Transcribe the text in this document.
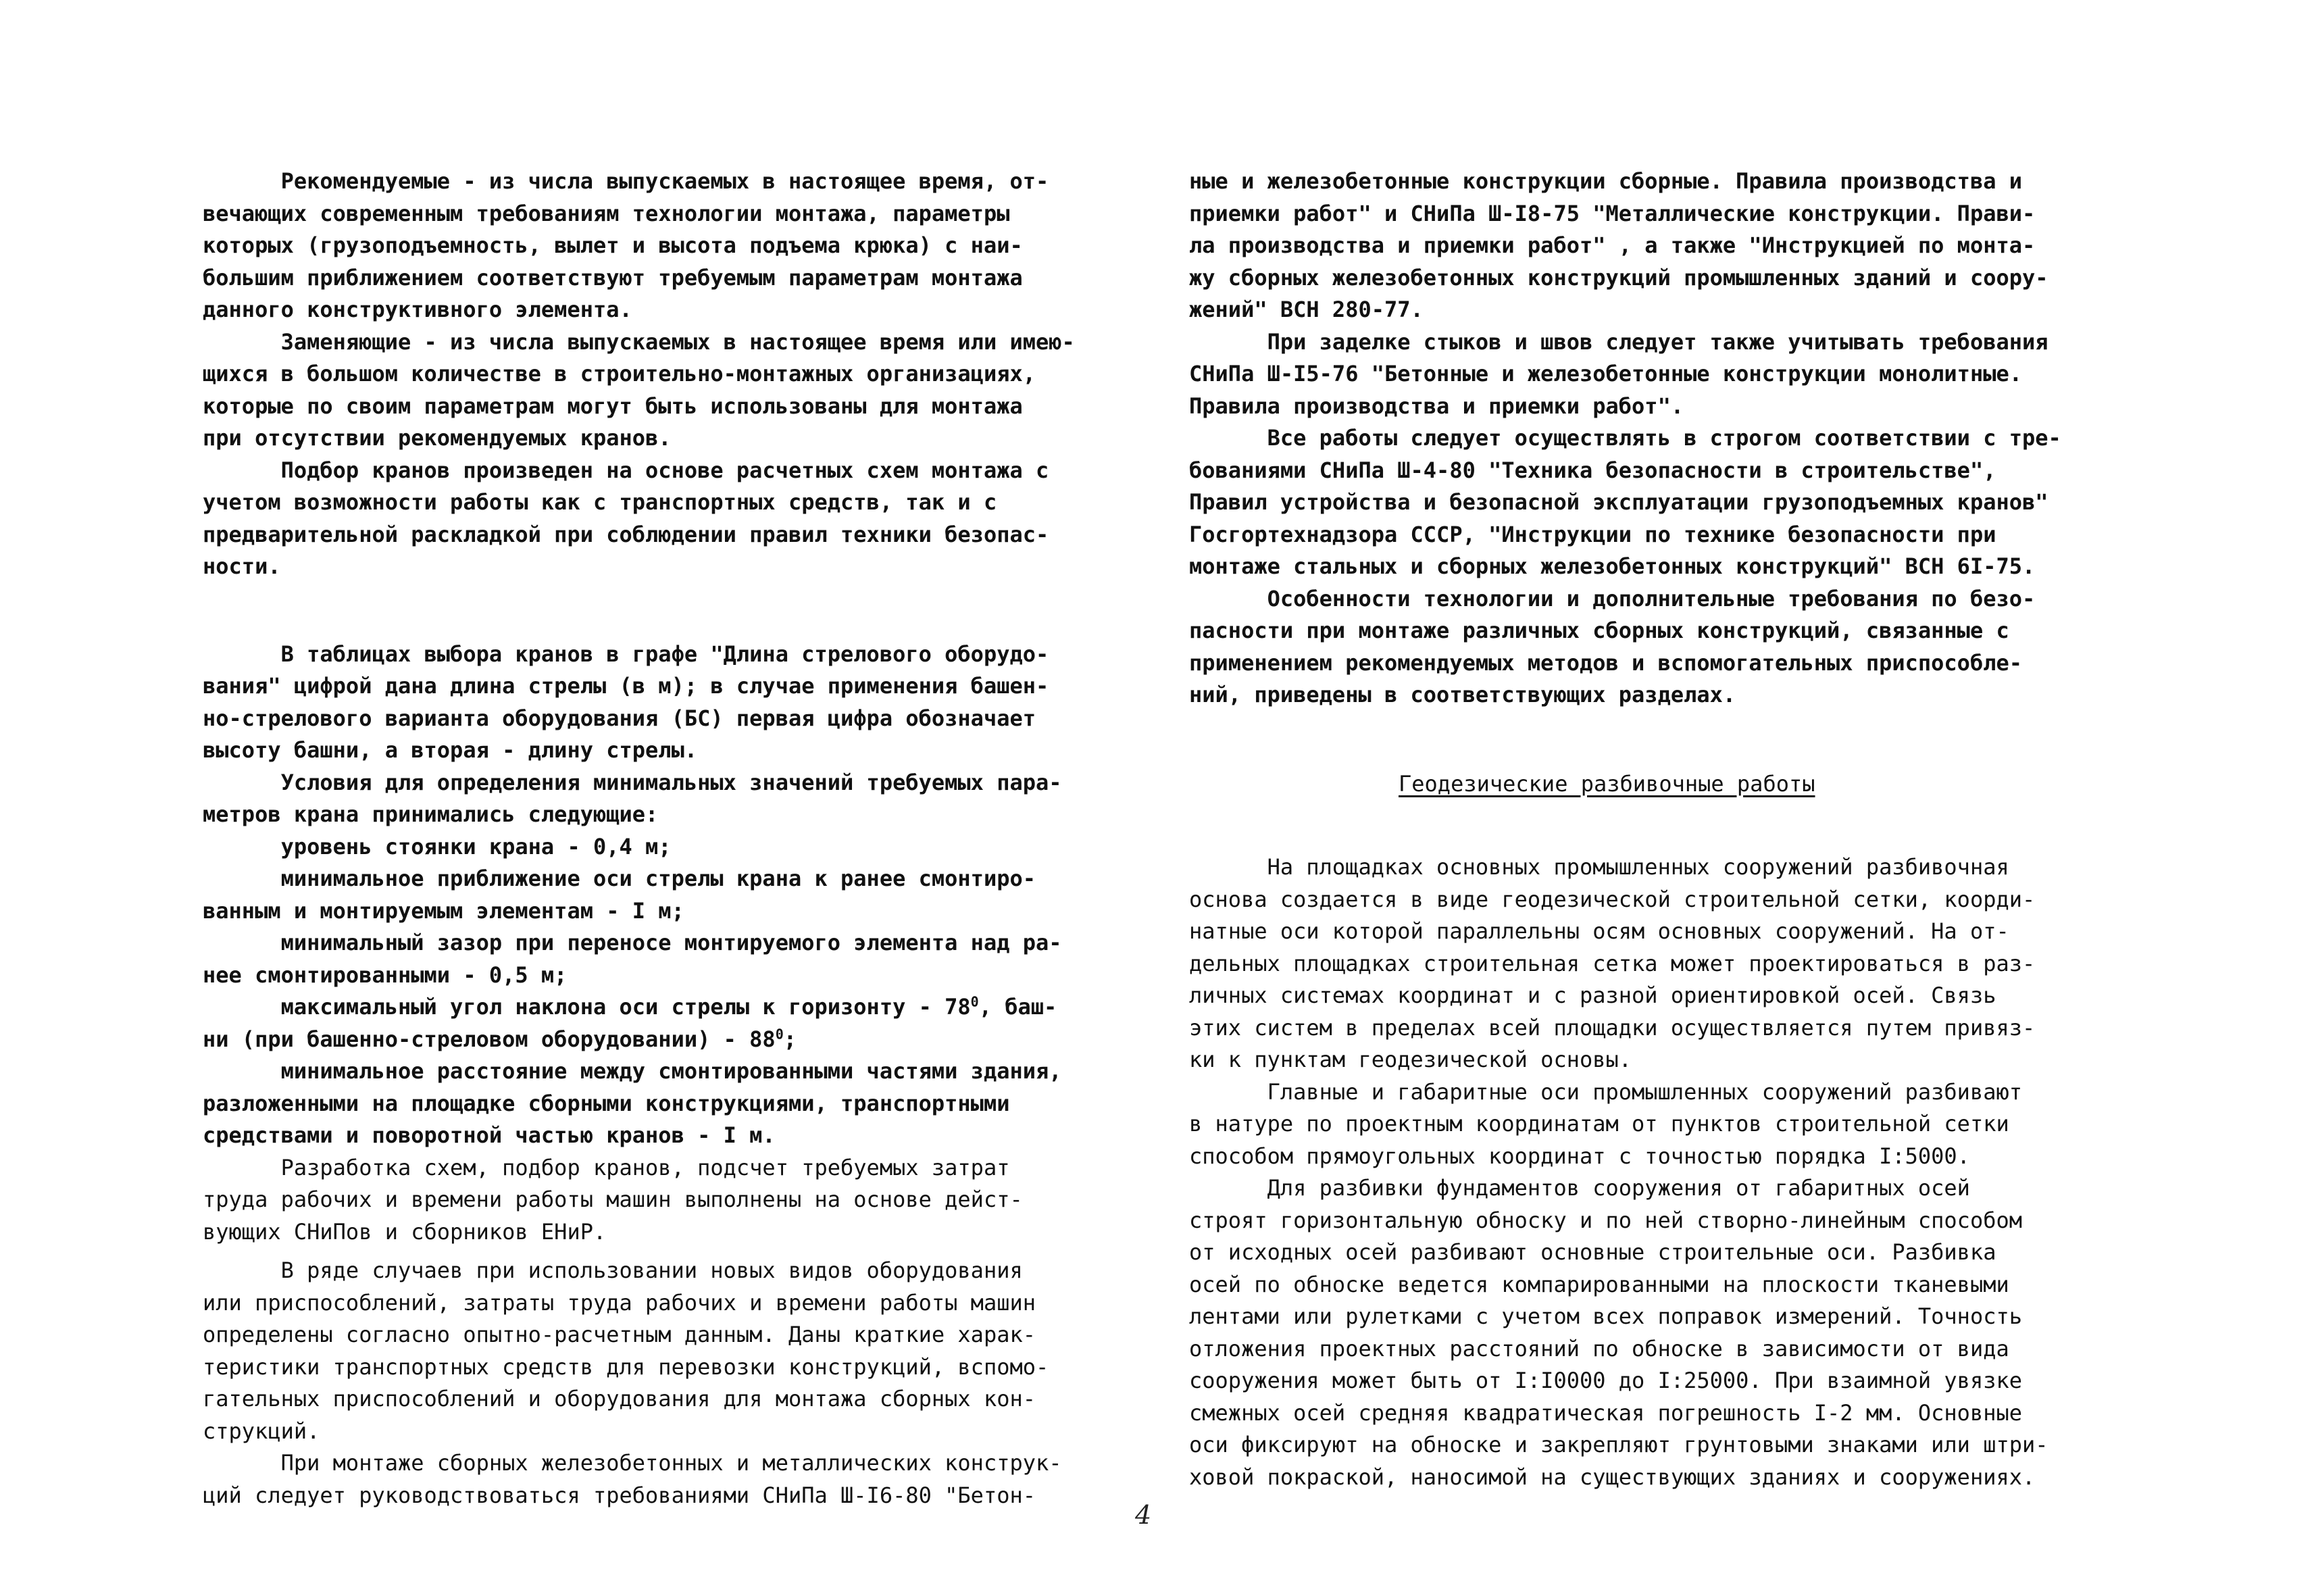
Рекомендуемые - из числа выпускаемых в настоящее время, от-
вечающих современным требованиям технологии монтажа, параметры
которых (грузоподъемность, вылет и высота подъема крюка) с наи-
большим приближением соответствуют требуемым параметрам монтажа
данного конструктивного элемента.
Заменяющие - из числа выпускаемых в настоящее время или имею-
щихся в большом количестве в строительно-монтажных организациях,
которые по своим параметрам могут быть использованы для монтажа
при отсутствии рекомендуемых кранов.
Подбор кранов произведен на основе расчетных схем монтажа с
учетом возможности работы как с транспортных средств, так и с
предварительной раскладкой при соблюдении правил техники безопас-
ности.
В таблицах выбора кранов в графе "Длина стрелового оборудо-
вания" цифрой дана длина стрелы (в м); в случае применения башен-
но-стрелового варианта оборудования (БС) первая цифра обозначает
высоту башни, а вторая - длину стрелы.
Условия для определения минимальных значений требуемых пара-
метров крана принимались следующие:
уровень стоянки крана - 0,4 м;
минимальное приближение оси стрелы крана к ранее смонтиро-
ванным и монтируемым элементам - I м;
минимальный зазор при переносе монтируемого элемента над ра-
нее смонтированными - 0,5 м;
максимальный угол наклона оси стрелы к горизонту - $78^0$, баш-
ни (при башенно-стреловом оборудовании) - $88^0$;
минимальное расстояние между смонтированными частями здания,
разложенными на площадке сборными конструкциями, транспортными
средствами и поворотной частью кранов - I м.
Разработка схем, подбор кранов, подсчет требуемых затрат
труда рабочих и времени работы машин выполнены на основе дейст-
вующих СНиПов и сборников ЕНиР.
В ряде случаев при использовании новых видов оборудования
или приспособлений, затраты труда рабочих и времени работы машин
определены согласно опытно-расчетным данным. Даны краткие харак-
теристики транспортных средств для перевозки конструкций, вспомо-
гательных приспособлений и оборудования для монтажа сборных кон-
струкций.
При монтаже сборных железобетонных и металлических конструк-
ций следует руководствоваться требованиями СНиПа Ш-I6-80 "Бетон-
ные и железобетонные конструкции сборные. Правила производства и
приемки работ" и СНиПа Ш-I8-75 "Металлические конструкции. Прави-
ла производства и приемки работ" , а также "Инструкцией по монта-
жу сборных железобетонных конструкций промышленных зданий и соору-
жений" ВСН 280-77.
При заделке стыков и швов следует также учитывать требования
СНиПа Ш-I5-76 "Бетонные и железобетонные конструкции монолитные.
Правила производства и приемки работ".
Все работы следует осуществлять в строгом соответствии с тре-
бованиями СНиПа Ш-4-80 "Техника безопасности в строительстве",
Правил устройства и безопасной эксплуатации грузоподъемных кранов"
Госгортехнадзора СССР, "Инструкции по технике безопасности при
монтаже стальных и сборных железобетонных конструкций" ВСН 6I-75.
Особенности технологии и дополнительные требования по безо-
пасности при монтаже различных сборных конструкций, связанные с
применением рекомендуемых методов и вспомогательных приспособле-
ний, приведены в соответствующих разделах.
Геодезические разбивочные работы
На площадках основных промышленных сооружений разбивочная
основа создается в виде геодезической строительной сетки, коорди-
натные оси которой параллельны осям основных сооружений. На от-
дельных площадках строительная сетка может проектироваться в раз-
личных системах координат и с разной ориентировкой осей. Связь
этих систем в пределах всей площадки осуществляется путем привяз-
ки к пунктам геодезической основы.
Главные и габаритные оси промышленных сооружений разбивают
в натуре по проектным координатам от пунктов строительной сетки
способом прямоугольных координат с точностью порядка I:5000.
Для разбивки фундаментов сооружения от габаритных осей
строят горизонтальную обноску и по ней створно-линейным способом
от исходных осей разбивают основные строительные оси. Разбивка
осей по обноске ведется компарированными на плоскости тканевыми
лентами или рулетками с учетом всех поправок измерений. Точность
отложения проектных расстояний по обноске в зависимости от вида
сооружения может быть от I:I0000 до I:25000. При взаимной увязке
смежных осей средняя квадратическая погрешность I-2 мм. Основные
оси фиксируют на обноске и закрепляют грунтовыми знаками или штри-
ховой покраской, наносимой на существующих зданиях и сооружениях.
4
